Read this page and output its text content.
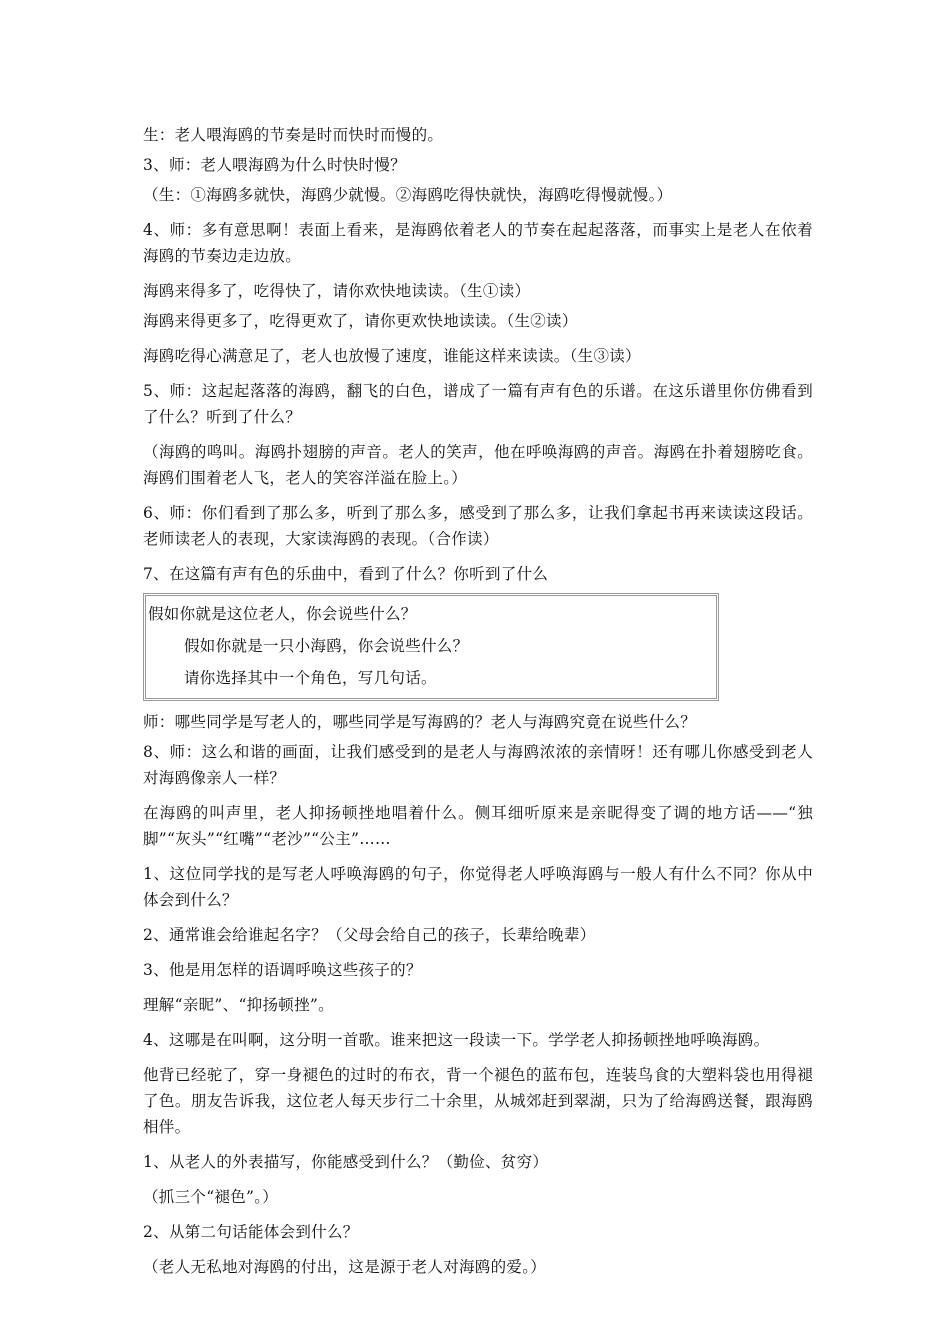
生：老人喂海鸥的节奏是时而快时而慢的。

3、师：老人喂海鸥为什么时快时慢？

（生：①海鸥多就快，海鸥少就慢。②海鸥吃得快就快，海鸥吃得慢就慢。）

4、师：多有意思啊！表面上看来，是海鸥依着老人的节奏在起起落落，而事实上是老人在依着海鸥的节奏边走边放。

海鸥来得多了，吃得快了，请你欢快地读读。（生①读）

海鸥来得更多了，吃得更欢了，请你更欢快地读读。（生②读）

海鸥吃得心满意足了，老人也放慢了速度，谁能这样来读读。（生③读）

5、师：这起起落落的海鸥，翻飞的白色，谱成了一篇有声有色的乐谱。在这乐谱里你仿佛看到了什么？听到了什么？

（海鸥的鸣叫。海鸥扑翅膀的声音。老人的笑声，他在呼唤海鸥的声音。海鸥在扑着翅膀吃食。海鸥们围着老人飞，老人的笑容洋溢在脸上。）

6、师：你们看到了那么多，听到了那么多，感受到了那么多，让我们拿起书再来读读这段话。老师读老人的表现，大家读海鸥的表现。（合作读）

7、在这篇有声有色的乐曲中，看到了什么？你听到了什么

假如你就是这位老人，你会说些什么？
假如你就是一只小海鸥，你会说些什么？
请你选择其中一个角色，写几句话。

师：哪些同学是写老人的，哪些同学是写海鸥的？老人与海鸥究竟在说些什么？

8、师：这么和谐的画面，让我们感受到的是老人与海鸥浓浓的亲情呀！还有哪儿你感受到老人对海鸥像亲人一样？

在海鸥的叫声里，老人抑扬顿挫地唱着什么。侧耳细听原来是亲昵得变了调的地方话——“独脚”“灰头”“红嘴”“老沙”“公主”……

1、这位同学找的是写老人呼唤海鸥的句子，你觉得老人呼唤海鸥与一般人有什么不同？你从中体会到什么？

2、通常谁会给谁起名字？（父母会给自己的孩子，长辈给晚辈）

3、他是用怎样的语调呼唤这些孩子的？

理解“亲昵”、“抑扬顿挫”。

4、这哪是在叫啊，这分明一首歌。谁来把这一段读一下。学学老人抑扬顿挫地呼唤海鸥。

他背已经驼了，穿一身褪色的过时的布衣，背一个褪色的蓝布包，连装鸟食的大塑料袋也用得褪了色。朋友告诉我，这位老人每天步行二十余里，从城郊赶到翠湖，只为了给海鸥送餐，跟海鸥相伴。

1、从老人的外表描写，你能感受到什么？（勤俭、贫穷）

（抓三个“褪色”。）

2、从第二句话能体会到什么？

（老人无私地对海鸥的付出，这是源于老人对海鸥的爱。）
